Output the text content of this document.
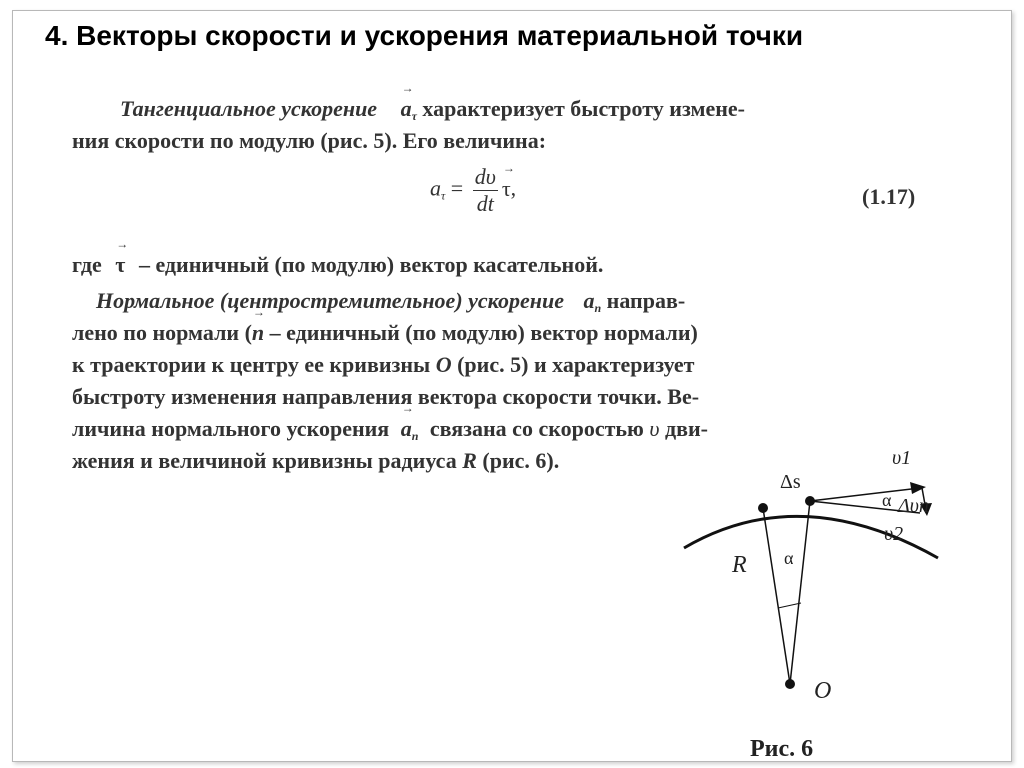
4. Векторы скорости и ускорения материальной точки
Тангенциальное ускорение → $a_\tau$ характеризует быстроту измене-
ния скорости по модулю (рис. 5). Его величина:
$a_\tau = \frac{d\upsilon}{dt}$
→ τ,	(1.17)
где → τ – единичный (по модулю) вектор касательной.
Нормальное (центростремительное) ускорение $a_n$ направ-
лено по нормали (→ n – единичный (по модулю) вектор нормали)
к траектории к центру ее кривизны О (рис. 5) и характеризует
быстроту изменения направления вектора скорости точки. Ве-
личина нормального ускорения → $a_n$ связана со скоростью υ дви-
жения и величиной кривизны радиуса R (рис. 6).
Δs
R α
α
O
υ1
υ2
Δυn
Рис. 6
